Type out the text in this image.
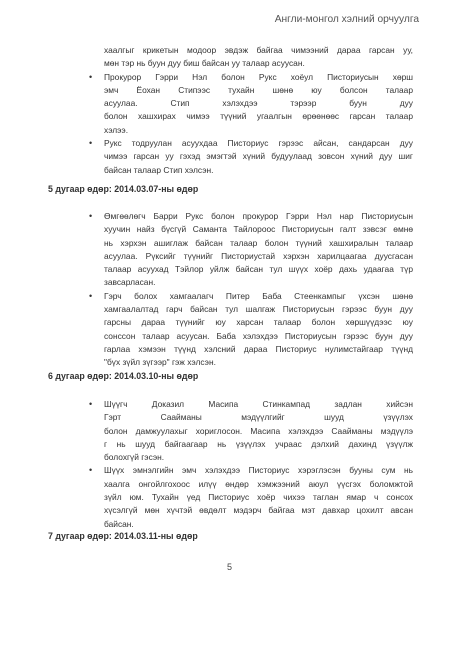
Англи-монгол хэлний орчуулга
хаалгыг крикетын модоор эвдэж байгаа чимээний дараа гарсан уу,
мөн тэр нь буун дуу биш байсан уу талаар асуусан.
• Прокурор Гэрри Нэл болон Рукс хоёул Писториусын хөрш
эмч Ёохан Стипээс тухайн шөнө юу болсон талаар
асуулаа. Стип хэлэхдээ тэрээр буун дуу
болон хашхирах чимээ түүний угаалгын өрөөнөөс гарсан талаар
хэлээ.
• Рукс тодруулан асуухдаа Писториус гэрээс айсан, сандарсан дуу
чимээ гарсан уу гэхэд эмэгтэй хүний будуулаад зовсон хүний дуу шиг
байсан талаар Стип хэлсэн.
5 дугаар өдөр: 2014.03.07-ны өдөр
• Өмгөөлөгч Барри Рукс болон прокурор Гэрри Нэл нар Писториусын
хуучин найз бүсгүй Саманта Тайлороос Писториусын галт зэвсэг өмнө
нь хэрхэн ашиглаж байсан талаар болон түүний хашхиралын талаар
асуулаа. Рүксийг түүнийг Писториустай хэрхэн харилцаагаа дуусгасан
талаар асуухад Тэйлор уйлж байсан тул шүүх хоёр дахь удаагаа түр
завсарласан.
• Гэрч болох хамгаалагч Питер Баба Стеенкампыг үхсэн шөнө
хамгаалалтад гарч байсан тул шалгаж Писториусын гэрээс буун дуу
гарсны дараа түүнийг юу харсан талаар болон хөршүүдээс юу
сонссон талаар асуусан. Баба хэлэхдээ Писториусын гэрээс буун дуу
гарлаа хэмээн түүнд хэлсний дараа Писториус нулимстайгаар түүнд
"бүх зүйл зүгээр" гэж хэлсэн.
6 дугаар өдөр: 2014.03.10-ны өдөр
• Шүүгч Доказил Масипа Стинкампад задлан хийсэн
Гэрт Саайманы мэдүүлгийг шууд үзүүлэх
болон дамжуулахыг хориглосон. Масипа хэлэхдээ Саайманы мэдүүлэ
г нь шууд байгаагаар нь үзүүлэх учраас дэлхий дахинд үзүүлж
болохгүй гэсэн.
• Шүүх эмнэлгийн эмч хэлэхдээ Писториус хэрэглэсэн бууны сум нь
хаалга онгойлгохоос илүү өндөр хэмжээний аюул үүсгэх боломжтой
зүйл юм. Тухайн үед Писториус хоёр чихээ таглан ямар ч сонсох
хүсэлгүй мөн хүчтэй өвдөлт мэдэрч байгаа мэт давхар цохилт авсан
байсан.
7 дугаар өдөр: 2014.03.11-ны өдөр
5
